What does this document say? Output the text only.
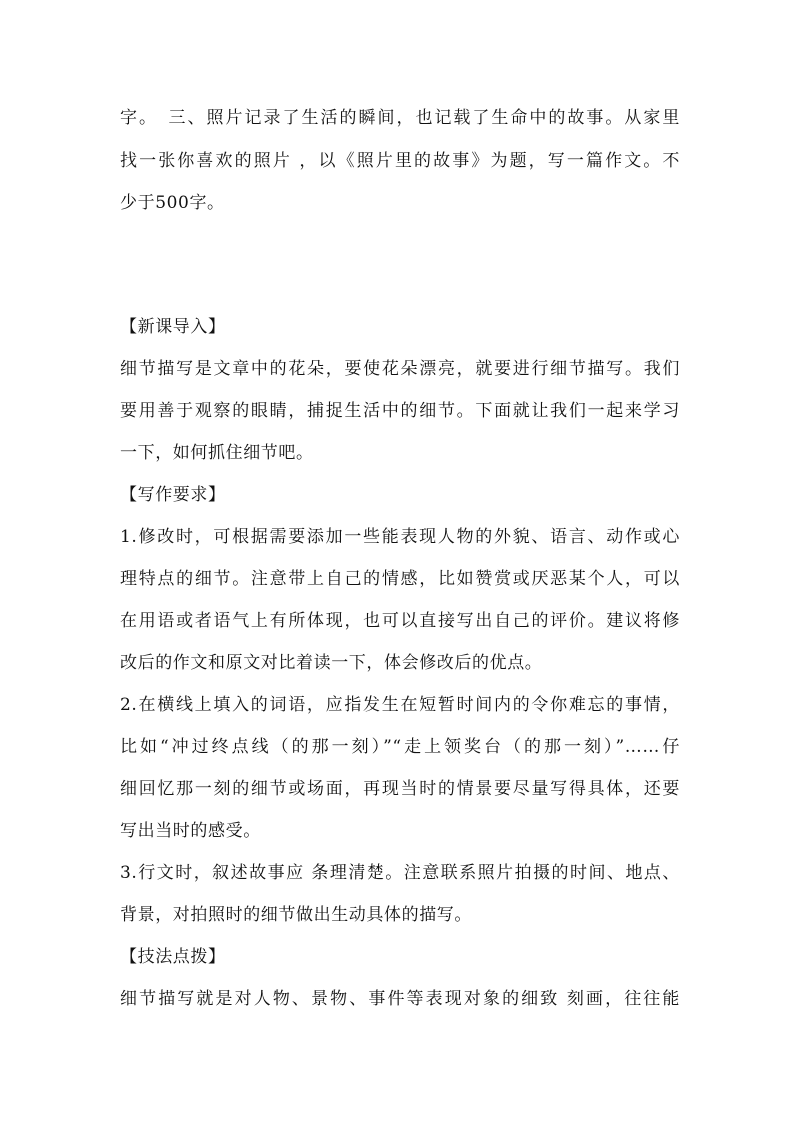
字。　三、照片记录了生活的瞬间，也记载了生命中的故事。从家里
找一张你喜欢的照片 ，以《照片里的故事》为题，写一篇作文。不
少于500字。
【新课导入】
细节描写是文章中的花朵，要使花朵漂亮，就要进行细节描写。我们
要用善于观察的眼睛，捕捉生活中的细节。下面就让我们一起来学习
一下，如何抓住细节吧。
【写作要求】
1.修改时，可根据需要添加一些能表现人物的外貌、语言、动作或心
理特点的细节。注意带上自己的情感，比如赞赏或厌恶某个人，可以
在用语或者语气上有所体现，也可以直接写出自己的评价。建议将修
改后的作文和原文对比着读一下，体会修改后的优点。
2.在横线上填入的词语，应指发生在短暂时间内的令你难忘的事情，
比如“冲过终点线（的那一刻）”“走上领奖台（的那一刻）”……仔
细回忆那一刻的细节或场面，再现当时的情景要尽量写得具体，还要
写出当时的感受。
3.行文时，叙述故事应 条理清楚。注意联系照片拍摄的时间、地点、
背景，对拍照时的细节做出生动具体的描写。
【技法点拨】
细节描写就是对人物、景物、事件等表现对象的细致 刻画，往往能
